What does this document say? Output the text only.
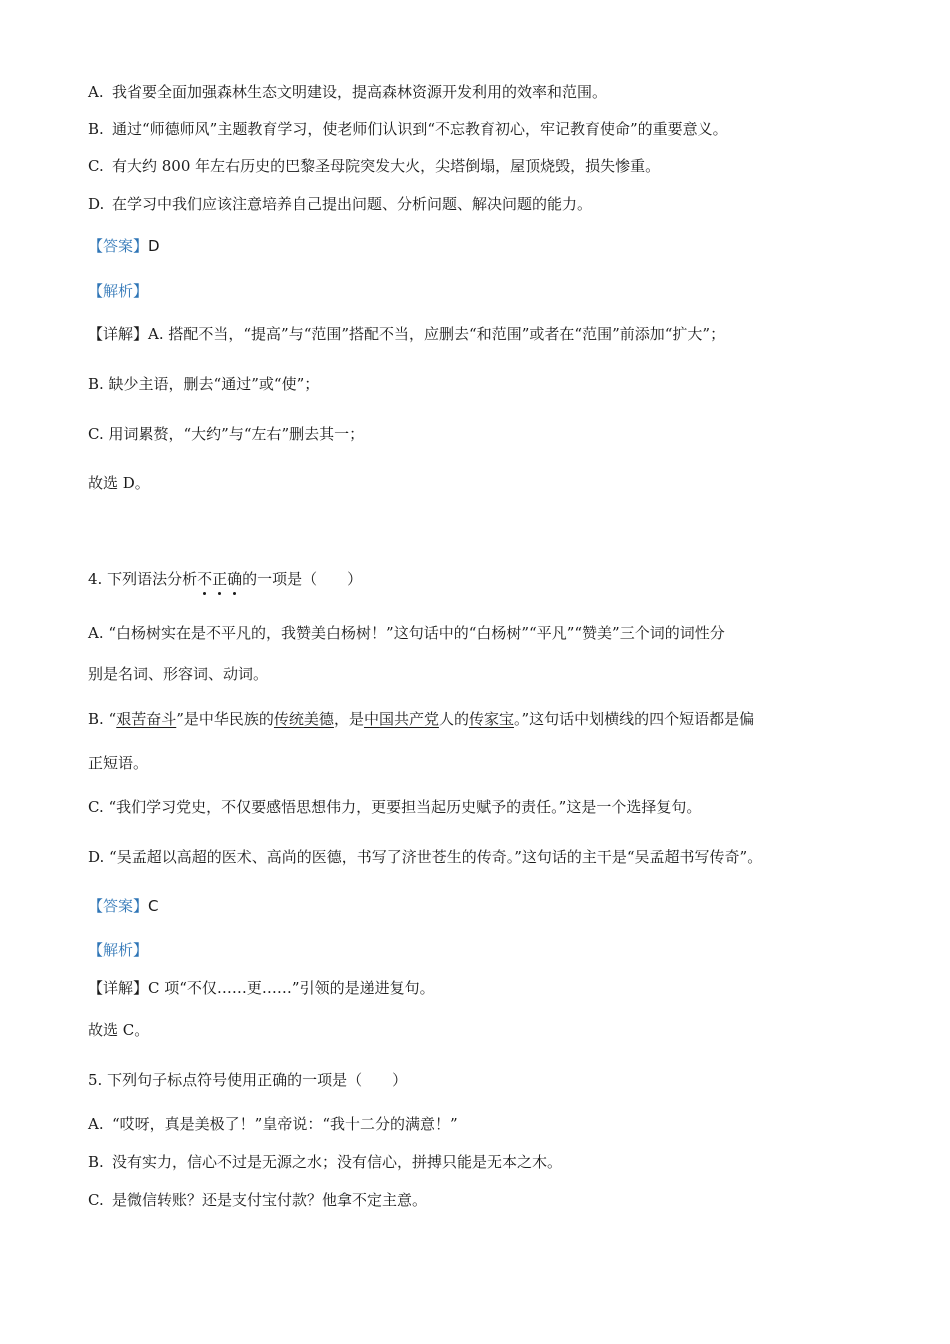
A. 我省要全面加强森林生态文明建设，提高森林资源开发利用的效率和范围。
B. 通过“师德师风”主题教育学习，使老师们认识到“不忘教育初心，牢记教育使命”的重要意义。
C. 有大约 800 年左右历史的巴黎圣母院突发大火，尖塔倒塌，屋顶烧毁，损失惨重。
D. 在学习中我们应该注意培养自己提出问题、分析问题、解决问题的能力。
【答案】D
【解析】
【详解】A. 搭配不当，“提高”与“范围”搭配不当，应删去“和范围”或者在“范围”前添加“扩大”；
B. 缺少主语，删去“通过”或“使”；
C. 用词累赘，“大约”与“左右”删去其一；
故选 D。
4. 下列语法分析不正确的一项是（　　）
A. “白杨树实在是不平凡的，我赞美白杨树！”这句话中的“白杨树”“平凡”“赞美”三个词的词性分
别是名词、形容词、动词。
B. “艰苦奋斗”是中华民族的传统美德，是中国共产党人的传家宝。”这句话中划横线的四个短语都是偏
正短语。
C. “我们学习党史，不仅要感悟思想伟力，更要担当起历史赋予的责任。”这是一个选择复句。
D. “吴孟超以高超的医术、高尚的医德，书写了济世苍生的传奇。”这句话的主干是“吴孟超书写传奇”。
【答案】C
【解析】
【详解】C 项“不仅……更……”引领的是递进复句。
故选 C。
5. 下列句子标点符号使用正确的一项是（　　）
A. “哎呀，真是美极了！”皇帝说：“我十二分的满意！”
B. 没有实力，信心不过是无源之水；没有信心，拼搏只能是无本之木。
C. 是微信转账？还是支付宝付款？他拿不定主意。
